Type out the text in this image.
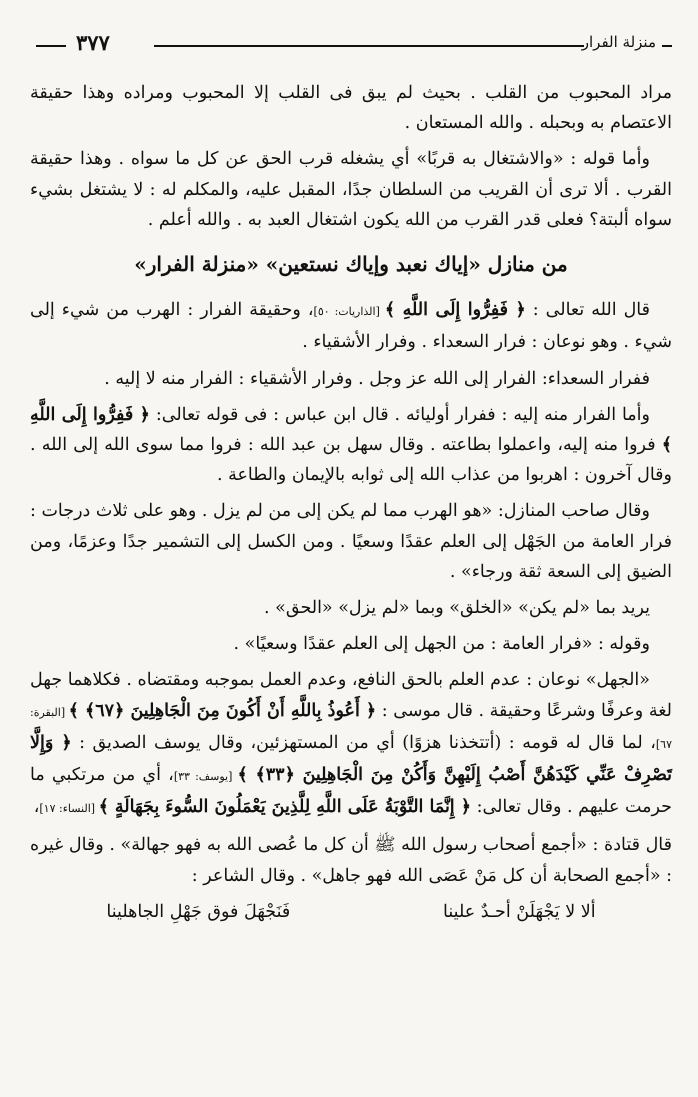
٣٧٧	منزلة الفرار

مراد المحبوب من القلب . بحيث لم يبق فى القلب إلا المحبوب ومراده وهذا حقيقة الاعتصام به وبحبله . والله المستعان .

وأما قوله : «والاشتغال به قربًا» أي يشغله قرب الحق عن كل ما سواه . وهذا حقيقة القرب . ألا ترى أن القريب من السلطان جدًا، المقبل عليه، والمكلم له : لا يشتغل بشيء سواه ألبتة؟ فعلى قدر القرب من الله يكون اشتغال العبد به . والله أعلم .

من منازل «إياك نعبد وإياك نستعين» «منزلة الفرار»

قال الله تعالى : ﴿ فَفِرُّوا إِلَى اللَّهِ ﴾ [الذاريات: ٥٠]، وحقيقة الفرار : الهرب من شيء إلى شيء . وهو نوعان : فرار السعداء . وفرار الأشقياء .

ففرار السعداء: الفرار إلى الله عز وجل . وفرار الأشقياء : الفرار منه لا إليه .

وأما الفرار منه إليه : ففرار أوليائه . قال ابن عباس : فى قوله تعالى: ﴿ فَفِرُّوا إِلَى اللَّهِ ﴾ فروا منه إليه، واعملوا بطاعته . وقال سهل بن عبد الله : فروا مما سوى الله إلى الله . وقال آخرون : اهربوا من عذاب الله إلى ثوابه بالإيمان والطاعة .

وقال صاحب المنازل: «هو الهرب مما لم يكن إلى من لم يزل . وهو على ثلاث درجات : فرار العامة من الجَهْل إلى العلم عقدًا وسعيًا . ومن الكسل إلى التشمير جدًا وعزمًا، ومن الضيق إلى السعة ثقة ورجاء» .

يريد بما «لم يكن» «الخلق» وبما «لم يزل» «الحق» .

وقوله : «فرار العامة : من الجهل إلى العلم عقدًا وسعيًا» .

«الجهل» نوعان : عدم العلم بالحق النافع، وعدم العمل بموجبه ومقتضاه . فكلاهما جهل لغة وعرفًا وشرعًا وحقيقة . قال موسى : ﴿ أَعُوذُ بِاللَّهِ أَنْ أَكُونَ مِنَ الْجَاهِلِينَ ﴿٦٧﴾ ﴾ [البقرة: ٦٧]، لما قال له قومه : (أتتخذنا هزوًا) أي من المستهزئين، وقال يوسف الصديق : ﴿ وَإِلَّا تَصْرِفْ عَنِّي كَيْدَهُنَّ أَصْبُ إِلَيْهِنَّ وَأَكُنْ مِنَ الْجَاهِلِينَ ﴿٣٣﴾ ﴾ [يوسف: ٣٣]، أي من مرتكبي ما حرمت عليهم . وقال تعالى: ﴿ إِنَّمَا التَّوْبَةُ عَلَى اللَّهِ لِلَّذِينَ يَعْمَلُونَ السُّوءَ بِجَهَالَةٍ ﴾ [النساء: ١٧]،

قال قتادة : «أجمع أصحاب رسول الله ﷺ أن كل ما عُصى الله به فهو جهالة» . وقال غيره : «أجمع الصحابة أن كل مَنْ عَصَى الله فهو جاهل» . وقال الشاعر :

ألا لا يَجْهَلَنْ أحـدٌ علينا
فَنَجْهَلَ فوق جَهْلِ الجاهلينا
